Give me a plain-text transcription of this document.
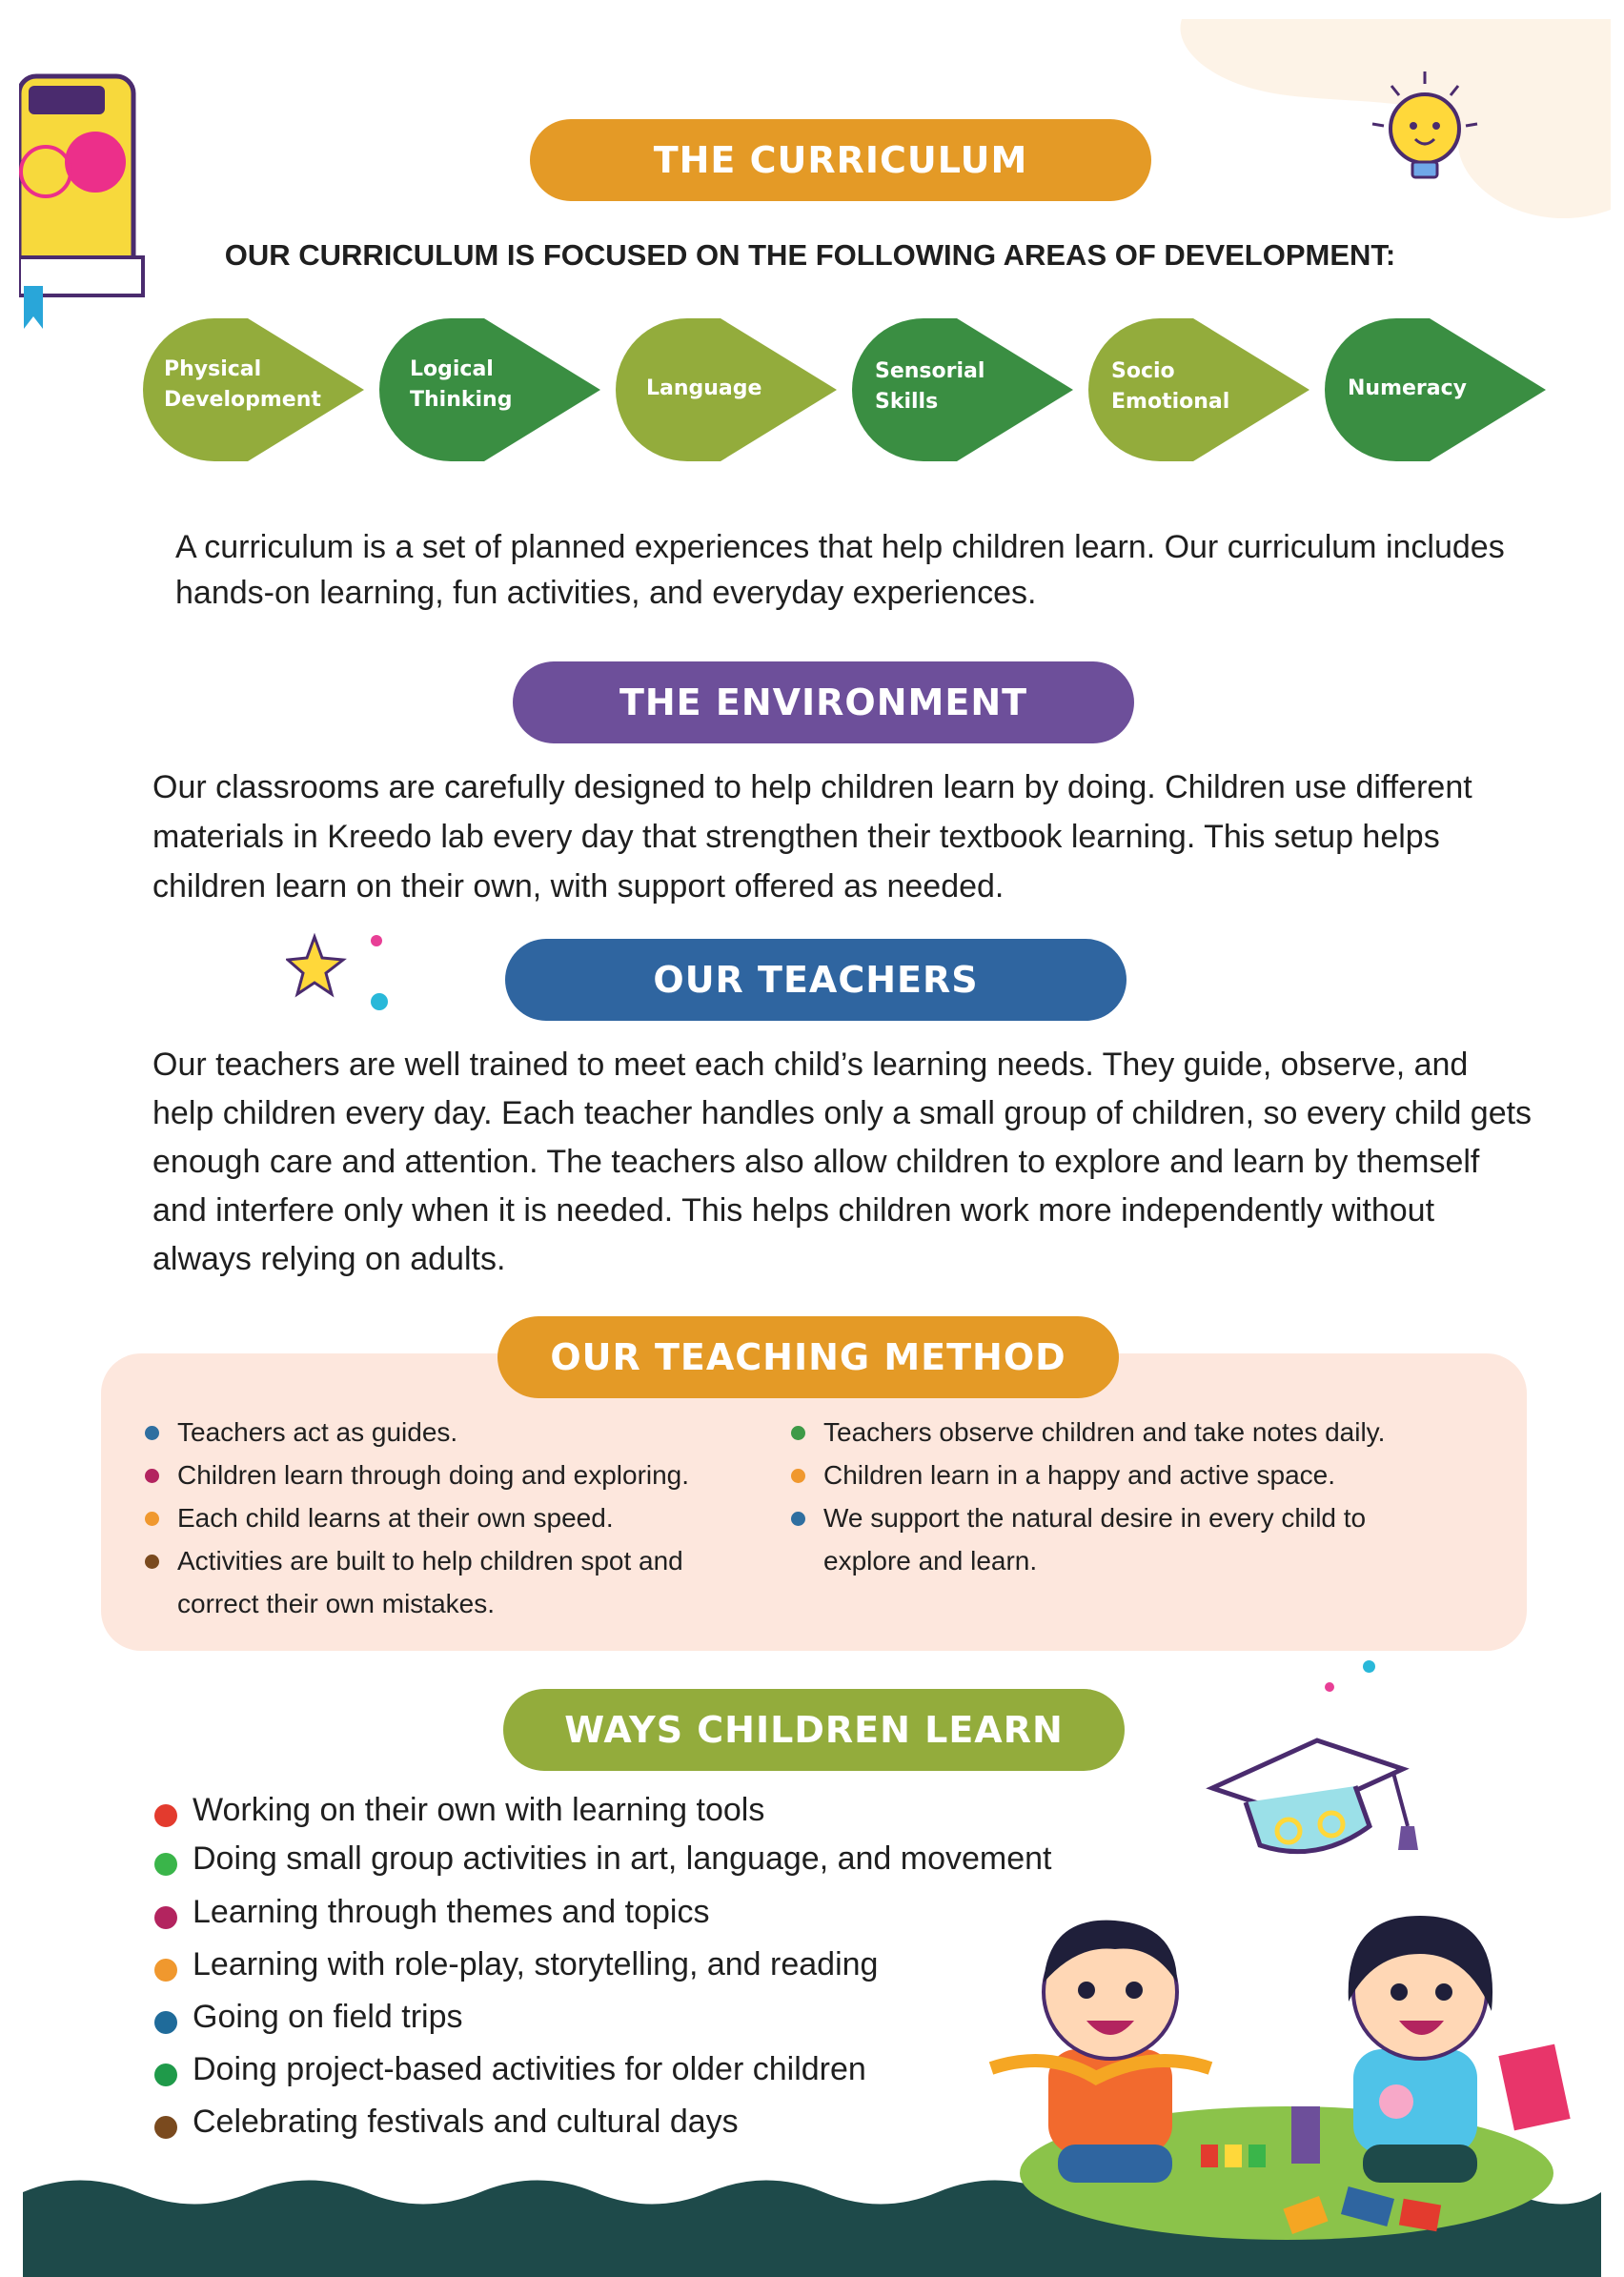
THE CURRICULUM
OUR CURRICULUM IS FOCUSED ON THE FOLLOWING AREAS OF DEVELOPMENT:
Physical
Development
Logical
Thinking	Language
Sensorial
Skills
Socio
Emotional
Numeracy
A curriculum is a set of planned experiences that help children learn. Our curriculum includes hands-on learning, fun activities, and everyday experiences.
THE ENVIRONMENT
Our classrooms are carefully designed to help children learn by doing. Children use different materials in Kreedo lab every day that strengthen their textbook learning. This setup helps children learn on their own, with support offered as needed.
OUR TEACHERS
Our teachers are well trained to meet each child’s learning needs. They guide, observe, and help children every day. Each teacher handles only a small group of children, so every child gets enough care and attention. The teachers also allow children to explore and learn by themself and interfere only when it is needed. This helps children work more independently without always relying on adults.
OUR TEACHING METHOD
Teachers act as guides.
Children learn through doing and exploring.
Each child learns at their own speed.
Activities are built to help children spot and correct their own mistakes.
Teachers observe children and take notes daily.
Children learn in a happy and active space.
We support the natural desire in every child to explore and learn.
WAYS CHILDREN LEARN
Working on their own with learning tools
Doing small group activities in art, language, and movement
Learning through themes and topics
Learning with role-play, storytelling, and reading
Going on field trips
Doing project-based activities for older children
Celebrating festivals and cultural days
